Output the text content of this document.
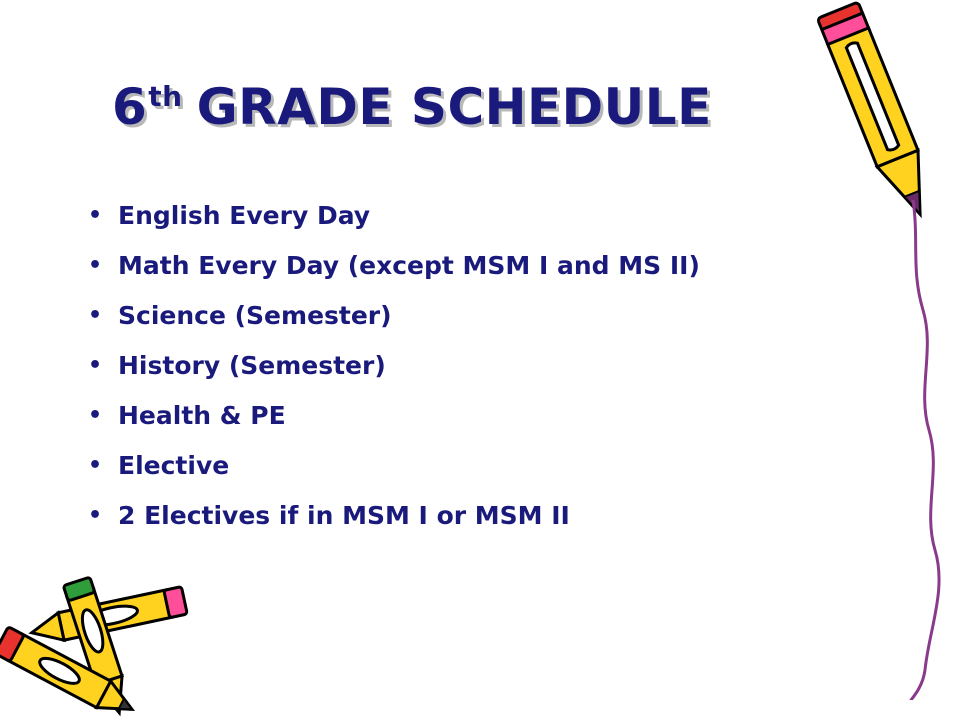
6th GRADE SCHEDULE
• English Every Day
• Math Every Day (except MSM I and MS II)
• Science (Semester)
• History (Semester)
• Health & PE
• Elective
• 2 Electives if in MSM I or MSM II
